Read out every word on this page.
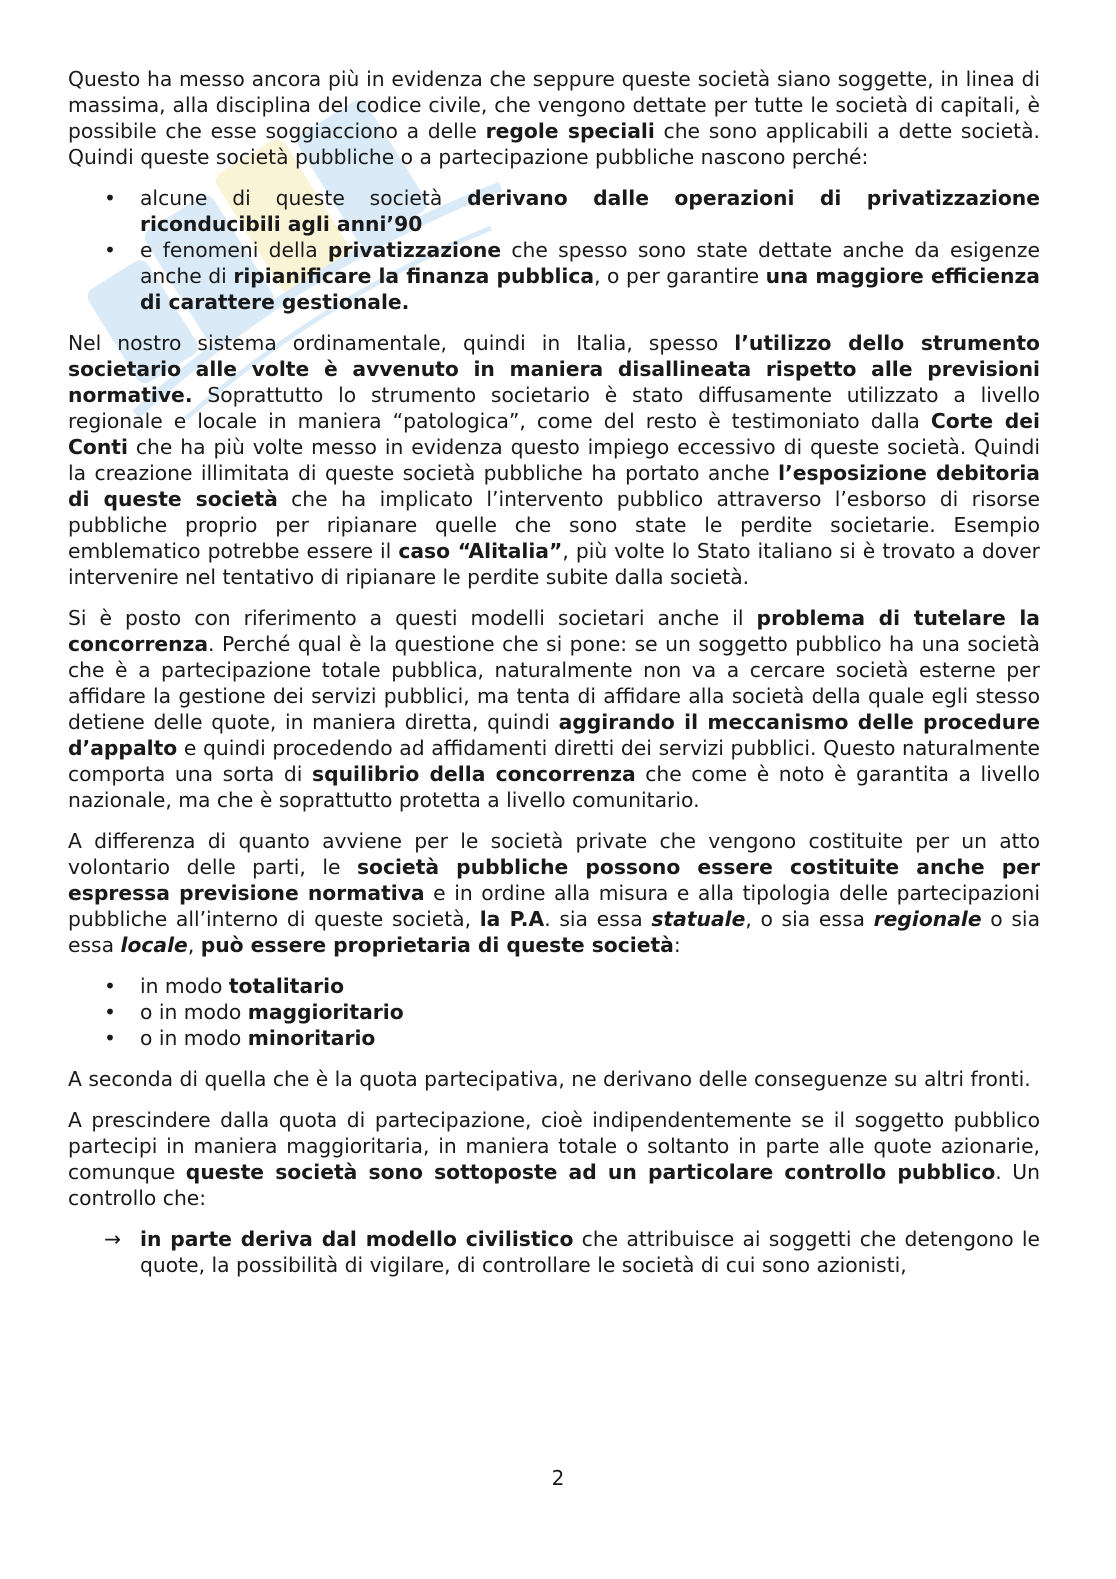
Questo ha messo ancora più in evidenza che seppure queste società siano soggette, in linea di massima, alla disciplina del codice civile, che vengono dettate per tutte le società di capitali, è possibile che esse soggiacciono a delle regole speciali che sono applicabili a dette società. Quindi queste società pubbliche o a partecipazione pubbliche nascono perché:

• alcune di queste società derivano dalle operazioni di privatizzazione riconducibili agli anni’90
• e fenomeni della privatizzazione che spesso sono state dettate anche da esigenze anche di ripianificare la finanza pubblica, o per garantire una maggiore efficienza di carattere gestionale.

Nel nostro sistema ordinamentale, quindi in Italia, spesso l’utilizzo dello strumento societario alle volte è avvenuto in maniera disallineata rispetto alle previsioni normative. Soprattutto lo strumento societario è stato diffusamente utilizzato a livello regionale e locale in maniera “patologica”, come del resto è testimoniato dalla Corte dei Conti che ha più volte messo in evidenza questo impiego eccessivo di queste società. Quindi la creazione illimitata di queste società pubbliche ha portato anche l’esposizione debitoria di queste società che ha implicato l’intervento pubblico attraverso l’esborso di risorse pubbliche proprio per ripianare quelle che sono state le perdite societarie. Esempio emblematico potrebbe essere il caso “Alitalia”, più volte lo Stato italiano si è trovato a dover intervenire nel tentativo di ripianare le perdite subite dalla società.

Si è posto con riferimento a questi modelli societari anche il problema di tutelare la concorrenza. Perché qual è la questione che si pone: se un soggetto pubblico ha una società che è a partecipazione totale pubblica, naturalmente non va a cercare società esterne per affidare la gestione dei servizi pubblici, ma tenta di affidare alla società della quale egli stesso detiene delle quote, in maniera diretta, quindi aggirando il meccanismo delle procedure d’appalto e quindi procedendo ad affidamenti diretti dei servizi pubblici. Questo naturalmente comporta una sorta di squilibrio della concorrenza che come è noto è garantita a livello nazionale, ma che è soprattutto protetta a livello comunitario.

A differenza di quanto avviene per le società private che vengono costituite per un atto volontario delle parti, le società pubbliche possono essere costituite anche per espressa previsione normativa e in ordine alla misura e alla tipologia delle partecipazioni pubbliche all’interno di queste società, la P.A. sia essa statuale, o sia essa regionale o sia essa locale, può essere proprietaria di queste società:

• in modo totalitario
• o in modo maggioritario
• o in modo minoritario

A seconda di quella che è la quota partecipativa, ne derivano delle conseguenze su altri fronti.

A prescindere dalla quota di partecipazione, cioè indipendentemente se il soggetto pubblico partecipi in maniera maggioritaria, in maniera totale o soltanto in parte alle quote azionarie, comunque queste società sono sottoposte ad un particolare controllo pubblico. Un controllo che:

→ in parte deriva dal modello civilistico che attribuisce ai soggetti che detengono le quote, la possibilità di vigilare, di controllare le società di cui sono azionisti,
2
